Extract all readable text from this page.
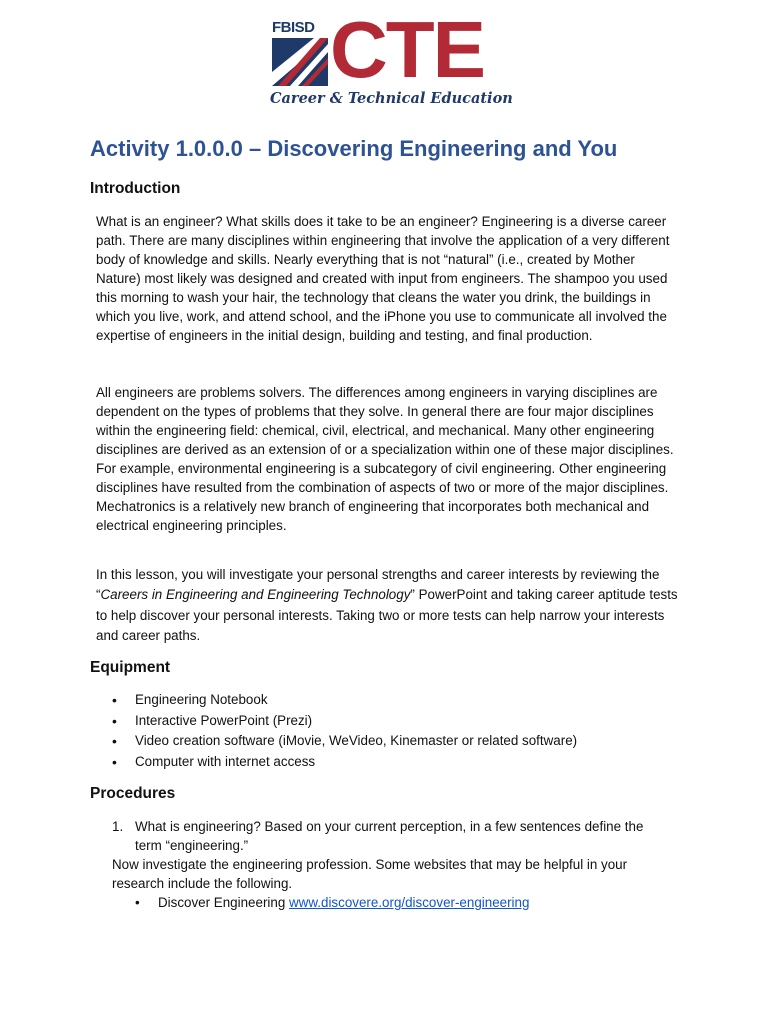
FBISD CTE
Career & Technical Education
Activity 1.0.0.0 – Discovering Engineering and You
Introduction

What is an engineer? What skills does it take to be an engineer? Engineering is a diverse career path. There are many disciplines within engineering that involve the application of a very different body of knowledge and skills. Nearly everything that is not “natural” (i.e., created by Mother Nature) most likely was designed and created with input from engineers. The shampoo you used this morning to wash your hair, the technology that cleans the water you drink, the buildings in which you live, work, and attend school, and the iPhone you use to communicate all involved the expertise of engineers in the initial design, building and testing, and final production.

All engineers are problems solvers. The differences among engineers in varying disciplines are dependent on the types of problems that they solve. In general there are four major disciplines within the engineering field: chemical, civil, electrical, and mechanical. Many other engineering disciplines are derived as an extension of or a specialization within one of these major disciplines. For example, environmental engineering is a subcategory of civil engineering. Other engineering disciplines have resulted from the combination of aspects of two or more of the major disciplines. Mechatronics is a relatively new branch of engineering that incorporates both mechanical and electrical engineering principles.

In this lesson, you will investigate your personal strengths and career interests by reviewing the “Careers in Engineering and Engineering Technology” PowerPoint and taking career aptitude tests to help discover your personal interests. Taking two or more tests can help narrow your interests and career paths.

Equipment
• Engineering Notebook
• Interactive PowerPoint (Prezi)
• Video creation software (iMovie, WeVideo, Kinemaster or related software)
• Computer with internet access
Procedures
1. What is engineering? Based on your current perception, in a few sentences define the term “engineering.”

Now investigate the engineering profession. Some websites that may be helpful in your research include the following.

• Discover Engineering www.discovere.org/discover-engineering
